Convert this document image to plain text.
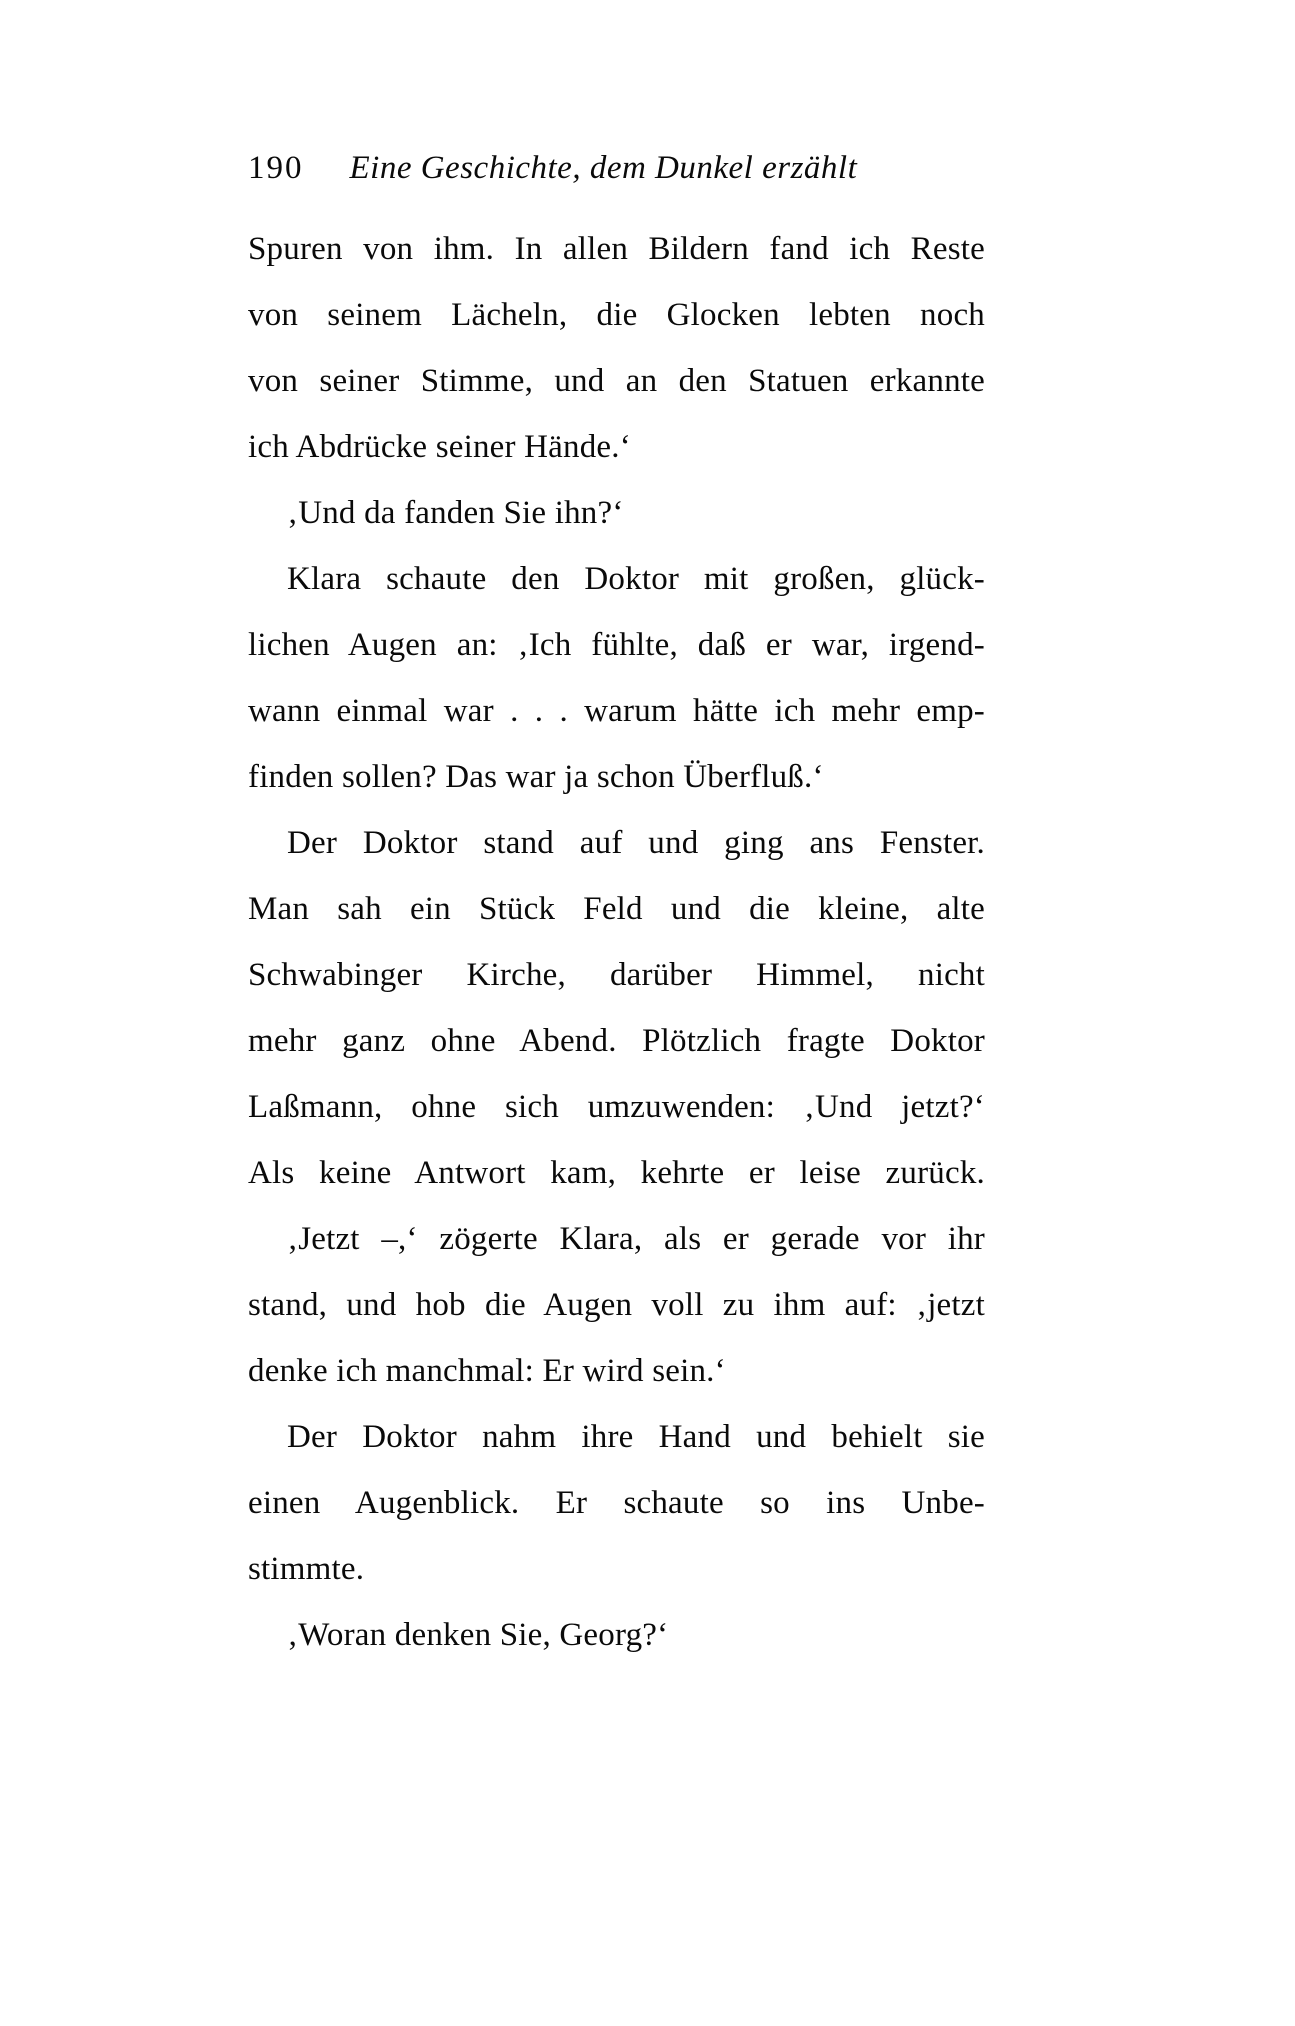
190 Eine Geschichte, dem Dunkel erzählt
Spuren von ihm. In allen Bildern fand ich Reste
von seinem Lächeln, die Glocken lebten noch
von seiner Stimme, und an den Statuen erkannte
ich Abdrücke seiner Hände.‘
‚Und da fanden Sie ihn?‘
Klara schaute den Doktor mit großen, glück-
lichen Augen an: ‚Ich fühlte, daß er war, irgend-
wann einmal war . . . warum hätte ich mehr emp-
finden sollen? Das war ja schon Überfluß.‘
Der Doktor stand auf und ging ans Fenster.
Man sah ein Stück Feld und die kleine, alte
Schwabinger Kirche, darüber Himmel, nicht
mehr ganz ohne Abend. Plötzlich fragte Doktor
Laßmann, ohne sich umzuwenden: ‚Und jetzt?‘
Als keine Antwort kam, kehrte er leise zurück.
‚Jetzt –,‘ zögerte Klara, als er gerade vor ihr
stand, und hob die Augen voll zu ihm auf: ‚jetzt
denke ich manchmal: Er wird sein.‘
Der Doktor nahm ihre Hand und behielt sie
einen Augenblick. Er schaute so ins Unbe-
stimmte.
‚Woran denken Sie, Georg?‘
